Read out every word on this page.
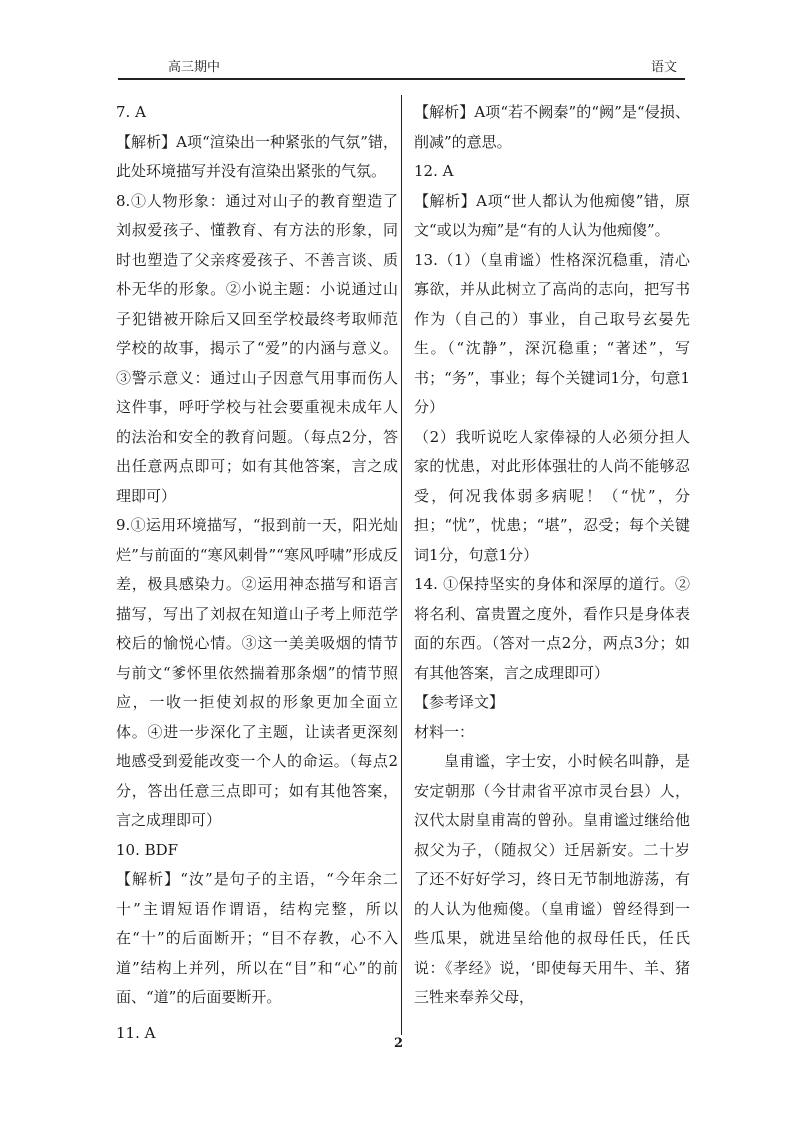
高三期中	语文

7. A

【解析】A项“渲染出一种紧张的气氛”错，此处环境描写并没有渲染出紧张的气氛。

8.①人物形象：通过对山子的教育塑造了刘叔爱孩子、懂教育、有方法的形象，同时也塑造了父亲疼爱孩子、不善言谈、质朴无华的形象。②小说主题：小说通过山子犯错被开除后又回至学校最终考取师范学校的故事，揭示了“爱”的内涵与意义。③警示意义：通过山子因意气用事而伤人这件事，呼吁学校与社会要重视未成年人的法治和安全的教育问题。（每点2分，答出任意两点即可；如有其他答案，言之成理即可）

9.①运用环境描写，“报到前一天，阳光灿烂”与前面的“寒风刺骨”“寒风呼啸”形成反差，极具感染力。②运用神态描写和语言描写，写出了刘叔在知道山子考上师范学校后的愉悦心情。③这一美美吸烟的情节与前文“爹怀里依然揣着那条烟”的情节照应，一收一拒使刘叔的形象更加全面立体。④进一步深化了主题，让读者更深刻地感受到爱能改变一个人的命运。（每点2分，答出任意三点即可；如有其他答案，言之成理即可）

10. BDF

【解析】“汝”是句子的主语，“今年余二十”主谓短语作谓语，结构完整，所以在“十”的后面断开；“目不存教，心不入道”结构上并列，所以在“目”和“心”的前面、“道”的后面要断开。

11. A

【解析】A项“若不阙秦”的“阙”是“侵损、削减”的意思。

12. A

【解析】A项“世人都认为他痴傻”错，原文“或以为痴”是“有的人认为他痴傻”。

13.（1）（皇甫谧）性格深沉稳重，清心寡欲，并从此树立了高尚的志向，把写书作为（自己的）事业，自己取号玄晏先生。（“沈静”，深沉稳重；“著述”，写书；“务”，事业；每个关键词1分，句意1分）

（2）我听说吃人家俸禄的人必须分担人家的忧患，对此形体强壮的人尚不能够忍受，何况我体弱多病呢！（“忧”，分担；“忧”，忧患；“堪”，忍受；每个关键词1分，句意1分）

14. ①保持坚实的身体和深厚的道行。②将名利、富贵置之度外，看作只是身体表面的东西。（答对一点2分，两点3分；如有其他答案，言之成理即可）

【参考译文】

材料一：

皇甫谧，字士安，小时候名叫静，是安定朝那（今甘肃省平凉市灵台县）人，汉代太尉皇甫嵩的曾孙。皇甫谧过继给他叔父为子，（随叔父）迁居新安。二十岁了还不好好学习，终日无节制地游荡，有的人认为他痴傻。（皇甫谧）曾经得到一些瓜果，就进呈给他的叔母任氏，任氏说：《孝经》说，‘即使每天用牛、羊、猪三牲来奉养父母，

2
